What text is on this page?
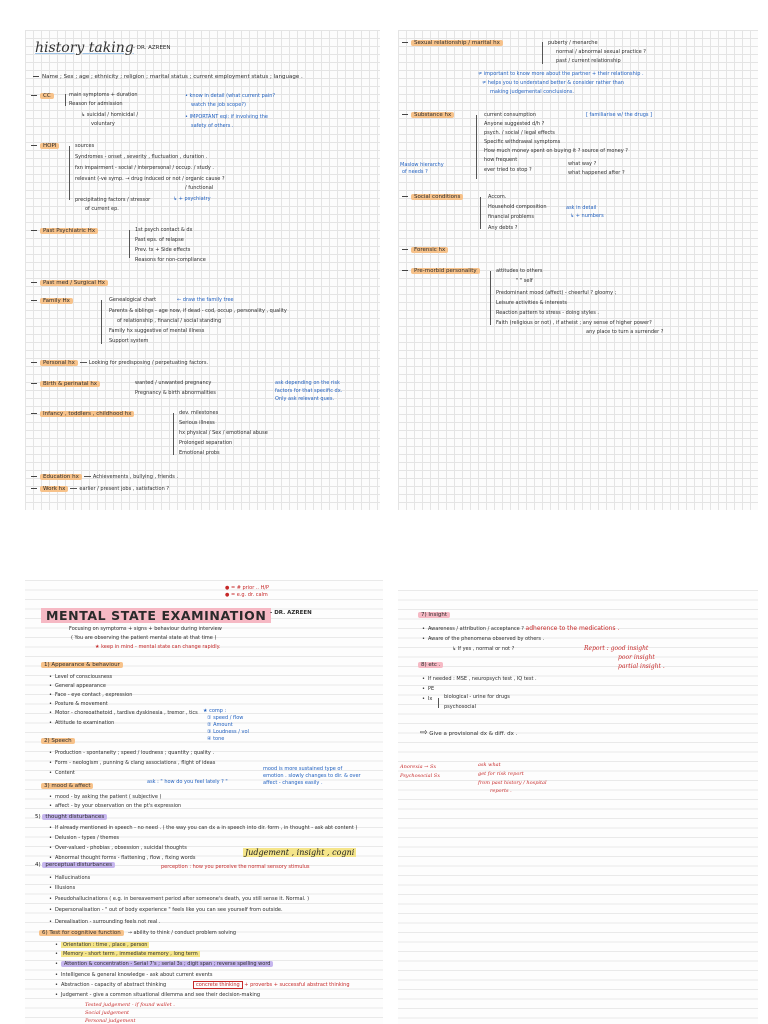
history taking - DR. AZREEN
Name ; Sex ; age ; ethnicity ; religion ; marital status ; current employment status ; language .
CC	main symptoms + duration
Reason for admission
↳ suicidal / homicidal /
voluntary
• know in detail (what current pain?
watch the job scope?)
• IMPORTANT eqi: if involving the
safety of others .
HOPI	sources
Syndromes - onset , severity , fluctuation , duration .
fxn impairment - social / interpersonal / occup. / study .
relevant (-ve symp. → drug induced or not / organic cause ?
/ functional
precipitating factors / stressor
of current ep.
↳ + psychiatry
Past Psychiatric Hx	1st psych contact & dx
Past eps. of relapse
Prev. tx + Side effects
Reasons for non-compliance
Past med / Surgical Hx
Family Hx	Genealogical chart	← draw the family tree
Parents & siblings - age now, if dead - cod, occup , personality , quality
of relationship , financial / social standing
Family hx suggestive of mental illness
Support system
Personal hx	Looking for predisposing / perpetuating factors.
Birth & perinatal hx	wanted / unwanted pregnancy
Pregnancy & birth abnormalities
ask depending on the risk
factors for that specific dx.
Only ask relevant ques.
Infancy , toddlers , childhood hx	dev. milestones
Serious illness
hx physical / Sex / emotional abuse
Prolonged separation
Emotional probs
Education hx	Achievements , bullying , friends .
Work hx	earlier / present jobs , satisfaction ?
Sexual relationship / marital hx	puberty / menarche
normal / abnormal sexual practice ?
past / current relationship
≠ important to know more about the partner + their relationship .
≠ helps you to understand better & consider rather than
making judgemental conclusions.
Substance hx	[ familiarise w/ the drugs ]
current consumption
Anyone suggested d/h ?
psych. / social / legal effects
Specific withdrawal symptoms
How much money spent on buying it ? source of money ?
how frequent
ever tried to stop ?
what way ?
what happened after ?
Maslow hierarchy
of needs ?
Social conditions	Accom.
Household composition
financial problems
Any debts ?
ask in detail
↳ + numbers
Forensic hx
Pre-morbid personality	attitudes to others
" " self
Predominant mood (affect) - cheerful ? gloomy ;
Leisure activities & interests
Reaction pattern to stress - doing styles .
Faith (religious or not) , if atheist ; any sense of higher power?
any place to turn a surrender ?
● = # prior .. H/P
● = e.g. dr. calm
MENTAL STATE EXAMINATION - DR. AZREEN
Focusing on symptoms + signs + behaviour during interview
( You are observing the patient mental state at that time )
★ keep in mind - mental state can change rapidly.
1) Appearance & behaviour
• Level of consciousness
• General appearance
• Face - eye contact , expression
• Posture & movement
• Motor - choreoathetoid , tardive dyskinesia , tremor , tics
• Attitude to examination
★ comp :
① speed / flow
② Amount
③ Loudness / vol
④ tone
2) Speech
• Production - spontaneity ; speed / loudness ; quantity ; quality .
• Form - neologism , punning & clang associations , flight of ideas
• Content
3) mood & affect
ask : " how do you feel lately ? "
mood is more sustained type of
emotion . slowly changes to dir. & over
affect - changes easily .
• mood - by asking the patient ( subjective )
• affect - by your observation on the pt's expression
5) thought disturbances
• If already mentioned in speech - no need . ( the way you can dx a in speech into dir. form , in thought - ask abt content )
• Delusion - types / themes
• Over-valued - phobias , obsession , suicidal thoughts
• Abnormal thought forms - flattening , flow , fixing words
Judgement , insight , cogni
4) perceptual disturbances	perception : how you perceive the normal sensory stimulus
• Hallucinations
• Illusions
• Pseudohallucinations ( e.g. in bereavement period after someone's death, you still sense it. Normal. )
• Depersonalisation - " out of body experience " feels like you can see yourself from outside.
• Derealisation - surrounding feels not real .
6) Test for cognitive function → ability to think / conduct problem solving
• Orientation : time , place , person
• Memory - short term , immediate memory , long term
• Attention & concentration - Serial 7's ; serial 3s ; digit span ; reverse spelling word
• Intelligence & general knowledge - ask about current events
• Abstraction - capacity of abstract thinking	concrete thinking + proverbs + successful abstract thinking
• Judgement - give a common situational dilemma and see their decision-making
Tested judgement - if found wallet .
Social judgement
Personal judgement
7) Insight
• Awareness / attribution / acceptance ? adherence to the medications .
• Aware of the phenomena observed by others .
↳ If yes , normal or not ?	Report : good insight
poor insight
partial insight .
8) etc .
• If needed : MSE , neuropsych test , IQ test .
• PE
• Ix biological - urine for drugs
psychosocial
⇨ Give a provisional dx & diff. dx .
Anorexia → Sx
Psychosocial Sx
ask what
get for risk report
from past history / hospital
reports .
